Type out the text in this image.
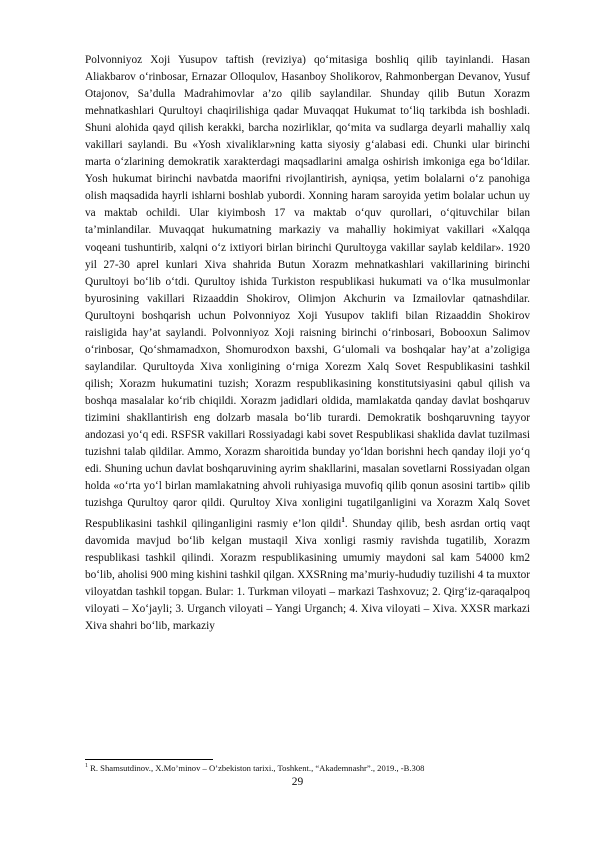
Polvonniyoz Xoji Yusupov taftish (reviziya) qo‘mitasiga boshliq qilib tayinlandi. Hasan Aliakbarov o‘rinbosar, Ernazar Olloqulov, Hasanboy Sholikorov, Rahmonbergan Devanov, Yusuf Otajonov, Sa’dulla Madrahimovlar a’zo qilib saylandilar. Shunday qilib Butun Xorazm mehnatkashlari Qurultoyi chaqirilishiga qadar Muvaqqat Hukumat to‘liq tarkibda ish boshladi. Shuni alohida qayd qilish kerakki, barcha nozirliklar, qo‘mita va sudlarga deyarli mahalliy xalq vakillari saylandi. Bu «Yosh xivaliklar»ning katta siyosiy g‘alabasi edi. Chunki ular birinchi marta o‘zlarining demokratik xarakterdagi maqsadlarini amalga oshirish imkoniga ega bo‘ldilar. Yosh hukumat birinchi navbatda maorifni rivojlantirish, ayniqsa, yetim bolalarni o‘z panohiga olish maqsadida hayrli ishlarni boshlab yubordi. Xonning haram saroyida yetim bolalar uchun uy va maktab ochildi. Ular kiyimbosh 17 va maktab o‘quv qurollari, o‘qituvchilar bilan ta’minlandilar. Muvaqqat hukumatning markaziy va mahalliy hokimiyat vakillari «Xalqqa voqeani tushuntirib, xalqni o‘z ixtiyori birlan birinchi Qurultoyga vakillar saylab keldilar». 1920 yil 27-30 aprel kunlari Xiva shahrida Butun Xorazm mehnatkashlari vakillarining birinchi Qurultoyi bo‘lib o‘tdi. Qurultoy ishida Turkiston respublikasi hukumati va o‘lka musulmonlar byurosining vakillari Rizaaddin Shokirov, Olimjon Akchurin va Izmailovlar qatnashdilar. Qurultoyni boshqarish uchun Polvonniyoz Xoji Yusupov taklifi bilan Rizaaddin Shokirov raisligida hay’at saylandi. Polvonniyoz Xoji raisning birinchi o‘rinbosari, Bobooxun Salimov o‘rinbosar, Qo‘shmamadxon, Shomurodxon baxshi, G‘ulomali va boshqalar hay’at a’zoligiga saylandilar. Qurultoyda Xiva xonligining o‘rniga Xorezm Xalq Sovet Respublikasini tashkil qilish; Xorazm hukumatini tuzish; Xorazm respublikasining konstitutsiyasini qabul qilish va boshqa masalalar ko‘rib chiqildi. Xorazm jadidlari oldida, mamlakatda qanday davlat boshqaruv tizimini shakllantirish eng dolzarb masala bo‘lib turardi. Demokratik boshqaruvning tayyor andozasi yo‘q edi. RSFSR vakillari Rossiyadagi kabi sovet Respublikasi shaklida davlat tuzilmasi tuzishni talab qildilar. Ammo, Xorazm sharoitida bunday yo‘ldan borishni hech qanday iloji yo‘q edi. Shuning uchun davlat boshqaruvining ayrim shakllarini, masalan sovetlarni Rossiyadan olgan holda «o‘rta yo‘l birlan mamlakatning ahvoli ruhiyasiga muvofiq qilib qonun asosini tartib» qilib tuzishga Qurultoy qaror qildi. Qurultoy Xiva xonligini tugatilganligini va Xorazm Xalq Sovet Respublikasini tashkil qilinganligini rasmiy e’lon qildi$^1$. Shunday qilib, besh asrdan ortiq vaqt davomida mavjud bo‘lib kelgan mustaqil Xiva xonligi rasmiy ravishda tugatilib, Xorazm respublikasi tashkil qilindi. Xorazm respublikasining umumiy maydoni sal kam 54000 km2 bo‘lib, aholisi 900 ming kishini tashkil qilgan. XXSRning ma’muriy-hududiy tuzilishi 4 ta muxtor viloyatdan tashkil topgan. Bular: 1. Turkman viloyati – markazi Tashxovuz; 2. Qirg‘iz-qaraqalpoq viloyati – Xo‘jayli; 3. Urganch viloyati – Yangi Urganch; 4. Xiva viloyati – Xiva. XXSR markazi Xiva shahri bo‘lib, markaziy

$^1$ R. Shamsutdinov., X.Mo’minov – O’zbekiston tarixi., Toshkent., “Akademnashr”., 2019., -B.308
29
